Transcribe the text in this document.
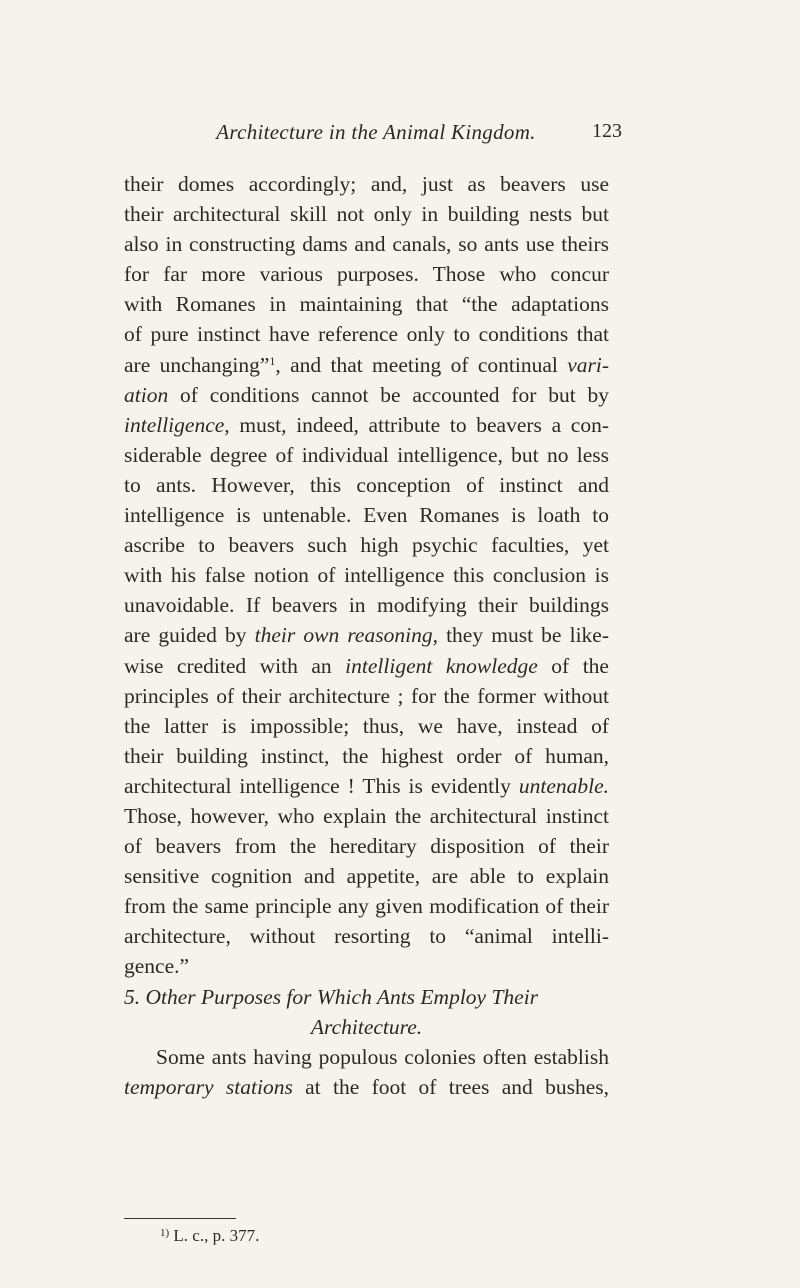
Architecture in the Animal Kingdom.	123
their domes accordingly; and, just as beavers use
their architectural skill not only in building nests but
also in constructing dams and canals, so ants use theirs
for far more various purposes. Those who concur
with Romanes in maintaining that “the adaptations
of pure instinct have reference only to conditions that
are unchanging”$^1$, and that meeting of continual vari-
ation of conditions cannot be accounted for but by
intelligence, must, indeed, attribute to beavers a con-
siderable degree of individual intelligence, but no less
to ants. However, this conception of instinct and
intelligence is untenable. Even Romanes is loath to
ascribe to beavers such high psychic faculties, yet
with his false notion of intelligence this conclusion is
unavoidable. If beavers in modifying their buildings
are guided by their own reasoning, they must be like-
wise credited with an intelligent knowledge of the
principles of their architecture ; for the former without
the latter is impossible; thus, we have, instead of
their building instinct, the highest order of human,
architectural intelligence ! This is evidently untenable.
Those, however, who explain the architectural instinct
of beavers from the hereditary disposition of their
sensitive cognition and appetite, are able to explain
from the same principle any given modification of their
architecture, without resorting to “animal intelli-
gence.”
5. Other Purposes for Which Ants Employ Their
Architecture.
Some ants having populous colonies often establish
temporary stations at the foot of trees and bushes,
$^{1)}$ L. c., p. 377.
